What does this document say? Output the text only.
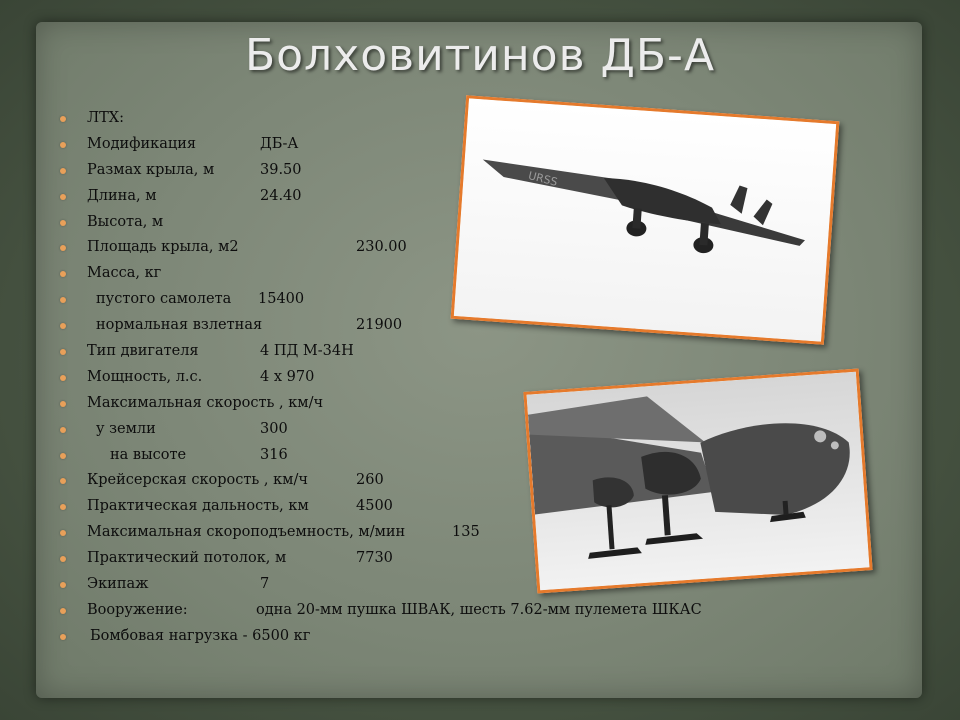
Болховитинов ДБ-А
ЛТХ:
Модификация	ДБ-А
Размах крыла, м	39.50
Длина, м	24.40
Высота, м
Площадь крыла, м2	230.00
Масса, кг
пустого самолета 15400
нормальная взлетная	21900
Тип двигателя	4 ПД М-34Н
Мощность, л.с.	4 x 970
Максимальная скорость , км/ч
у земли	300
на высоте	316
Крейсерская скорость , км/ч	260
Практическая дальность, км	4500
Максимальная скороподъемность, м/мин	135
Практический потолок, м	7730
Экипаж	7
Вооружение:	одна 20-мм пушка ШВАК, шесть 7.62-мм пулемета ШКАС
Бомбовая нагрузка - 6500 кг
URSS
